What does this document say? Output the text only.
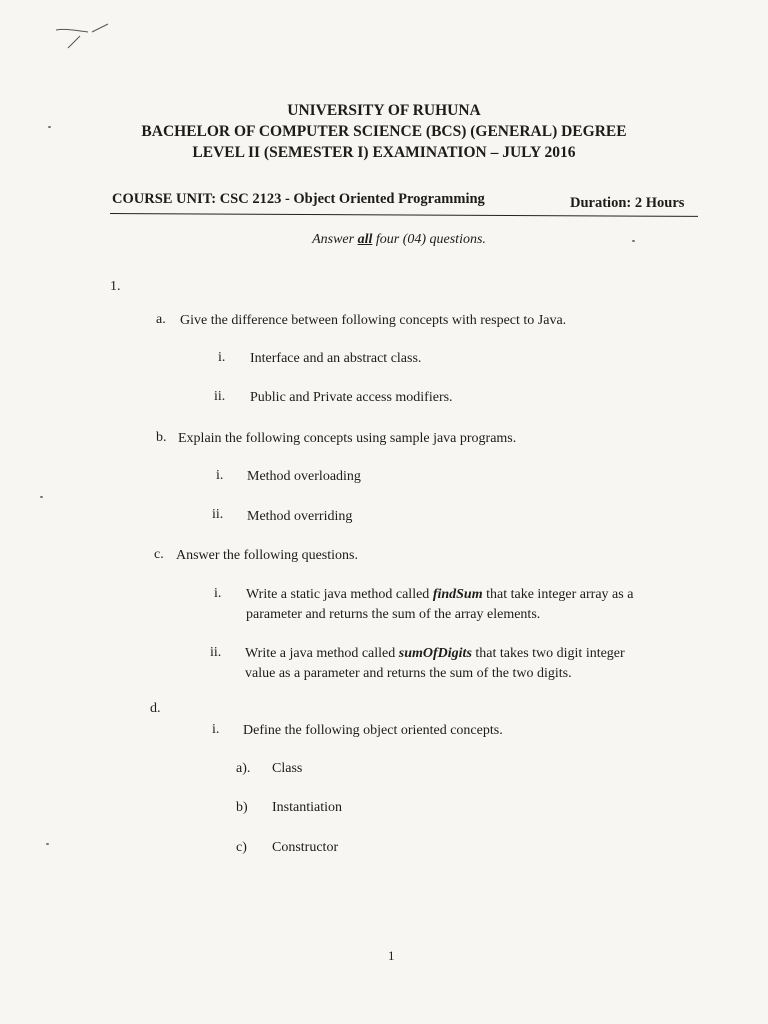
UNIVERSITY OF RUHUNA
BACHELOR OF COMPUTER SCIENCE (BCS) (GENERAL) DEGREE
LEVEL II (SEMESTER I) EXAMINATION – JULY 2016
COURSE UNIT: CSC 2123 - Object Oriented Programming	Duration: 2 Hours
Answer all four (04) questions.
1.
a. Give the difference between following concepts with respect to Java.
i. Interface and an abstract class.
ii. Public and Private access modifiers.
b. Explain the following concepts using sample java programs.
i. Method overloading
ii. Method overriding
c. Answer the following questions.
i. Write a static java method called findSum that take integer array as a
parameter and returns the sum of the array elements.
ii. Write a java method called sumOfDigits that takes two digit integer
value as a parameter and returns the sum of the two digits.
d.
i. Define the following object oriented concepts.
a). Class
b) Instantiation
c) Constructor
1
